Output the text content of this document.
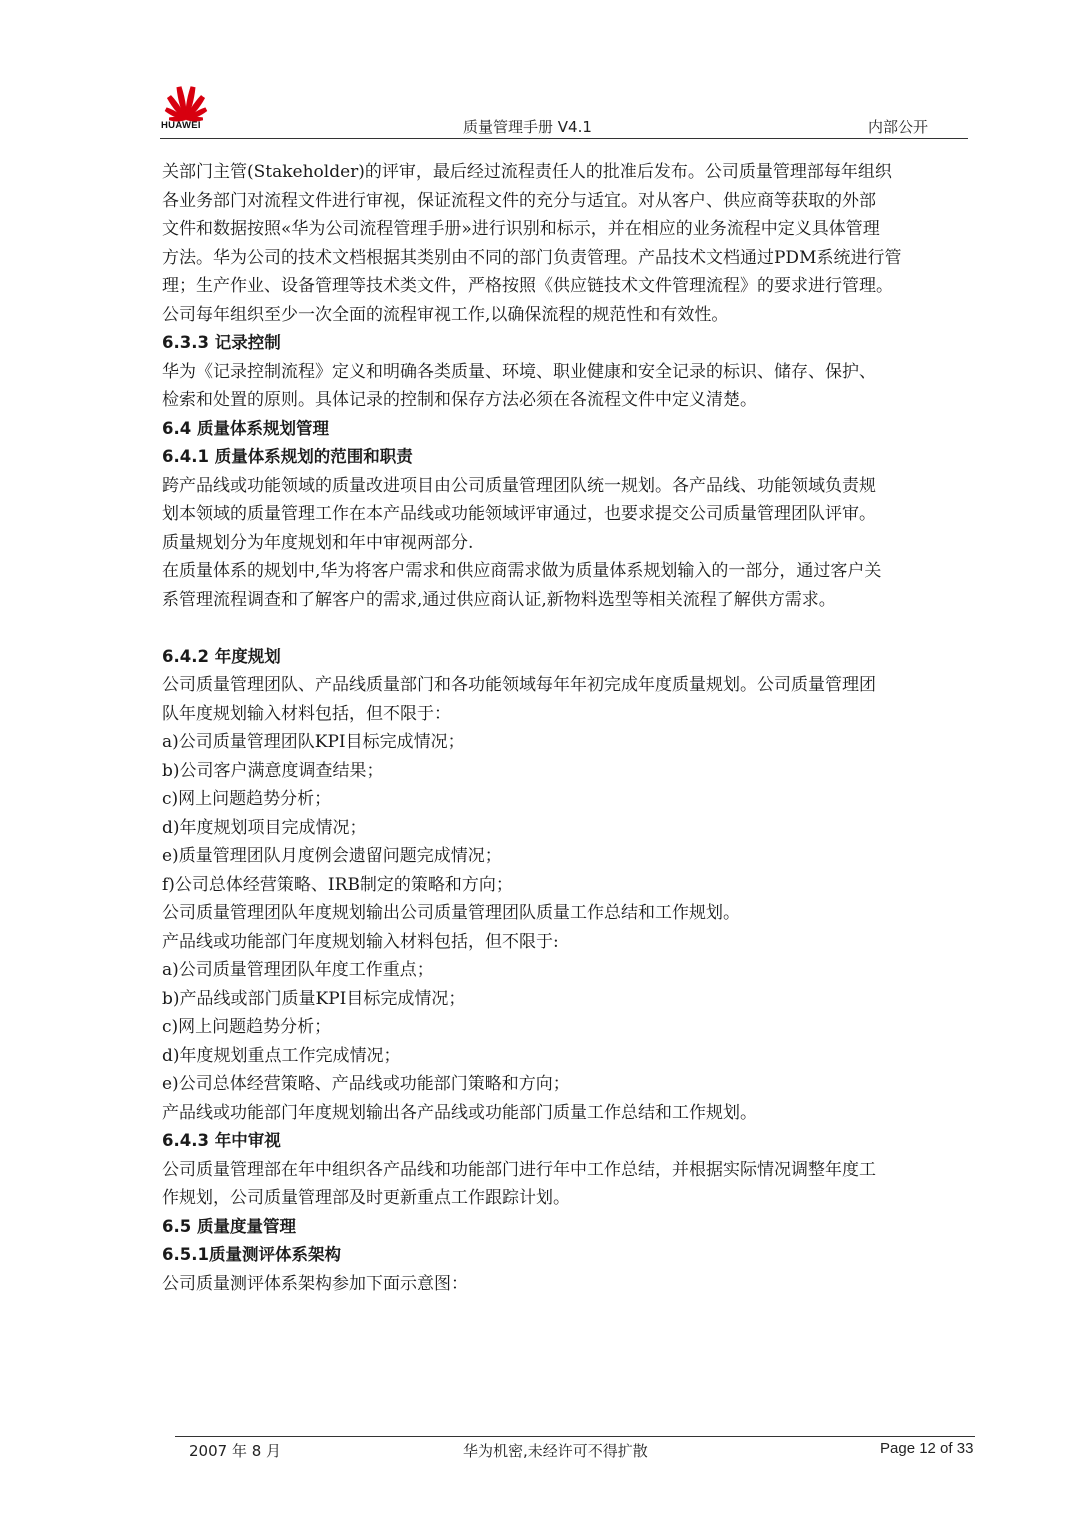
HUAWEI	质量管理手册 V4.1	内部公开
关部门主管(Stakeholder)的评审，最后经过流程责任人的批准后发布。公司质量管理部每年组织
各业务部门对流程文件进行审视，保证流程文件的充分与适宜。对从客户、供应商等获取的外部
文件和数据按照«华为公司流程管理手册»进行识别和标示，并在相应的业务流程中定义具体管理
方法。华为公司的技术文档根据其类别由不同的部门负责管理。产品技术文档通过PDM系统进行管
理；生产作业、设备管理等技术类文件，严格按照《供应链技术文件管理流程》的要求进行管理。
公司每年组织至少一次全面的流程审视工作,以确保流程的规范性和有效性。
6.3.3 记录控制
华为《记录控制流程》定义和明确各类质量、环境、职业健康和安全记录的标识、储存、保护、
检索和处置的原则。具体记录的控制和保存方法必须在各流程文件中定义清楚。
6.4 质量体系规划管理
6.4.1 质量体系规划的范围和职责
跨产品线或功能领域的质量改进项目由公司质量管理团队统一规划。各产品线、功能领域负责规
划本领域的质量管理工作在本产品线或功能领域评审通过，也要求提交公司质量管理团队评审。
质量规划分为年度规划和年中审视两部分.
在质量体系的规划中,华为将客户需求和供应商需求做为质量体系规划输入的一部分，通过客户关
系管理流程调查和了解客户的需求,通过供应商认证,新物料选型等相关流程了解供方需求。
6.4.2 年度规划
公司质量管理团队、产品线质量部门和各功能领域每年年初完成年度质量规划。公司质量管理团
队年度规划输入材料包括，但不限于：
a)公司质量管理团队KPI目标完成情况；
b)公司客户满意度调查结果；
c)网上问题趋势分析；
d)年度规划项目完成情况；
e)质量管理团队月度例会遗留问题完成情况；
f)公司总体经营策略、IRB制定的策略和方向；
公司质量管理团队年度规划输出公司质量管理团队质量工作总结和工作规划。
产品线或功能部门年度规划输入材料包括，但不限于:
a)公司质量管理团队年度工作重点；
b)产品线或部门质量KPI目标完成情况；
c)网上问题趋势分析；
d)年度规划重点工作完成情况；
e)公司总体经营策略、产品线或功能部门策略和方向；
产品线或功能部门年度规划输出各产品线或功能部门质量工作总结和工作规划。
6.4.3 年中审视
公司质量管理部在年中组织各产品线和功能部门进行年中工作总结，并根据实际情况调整年度工
作规划，公司质量管理部及时更新重点工作跟踪计划。
6.5 质量度量管理
6.5.1质量测评体系架构
公司质量测评体系架构参加下面示意图：
2007 年 8 月	华为机密,未经许可不得扩散	Page 12 of 33
